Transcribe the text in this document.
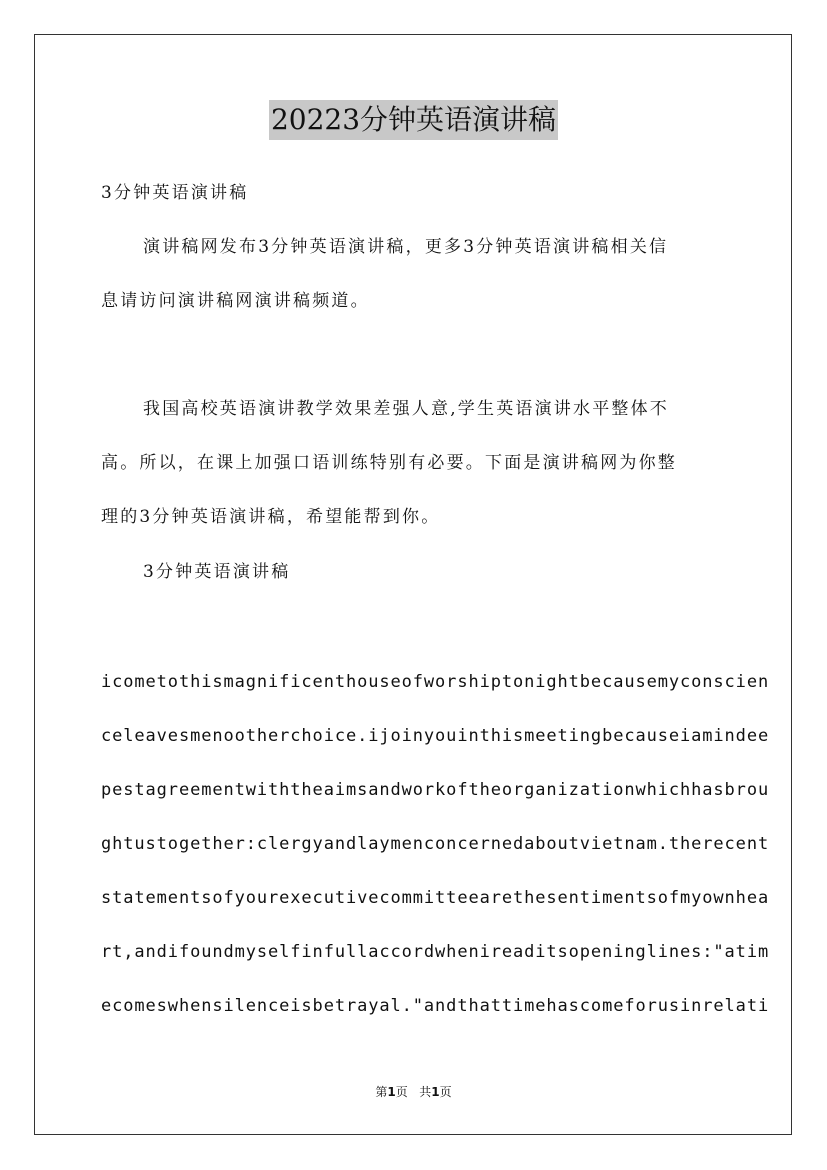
20223分钟英语演讲稿
3分钟英语演讲稿
演讲稿网发布3分钟英语演讲稿，更多3分钟英语演讲稿相关信
息请访问演讲稿网演讲稿频道。
我国高校英语演讲教学效果差强人意,学生英语演讲水平整体不
高。所以，在课上加强口语训练特别有必要。下面是演讲稿网为你整
理的3分钟英语演讲稿，希望能帮到你。
3分钟英语演讲稿
icometothismagnificenthouseofworshiptonightbecausemyconscien
celeavesmenootherchoice.ijoinyouinthismeetingbecauseiamindee
pestagreementwiththeaimsandworkoftheorganizationwhichhasbrou
ghtustogether:clergyandlaymenconcernedaboutvietnam.therecent
statementsofyourexecutivecommitteearethesentimentsofmyownhea
rt,andifoundmyselfinfullaccordwhenireaditsopeninglines:"atim
ecomeswhensilenceisbetrayal."andthattimehascomeforusinrelati
第1页 共1页
